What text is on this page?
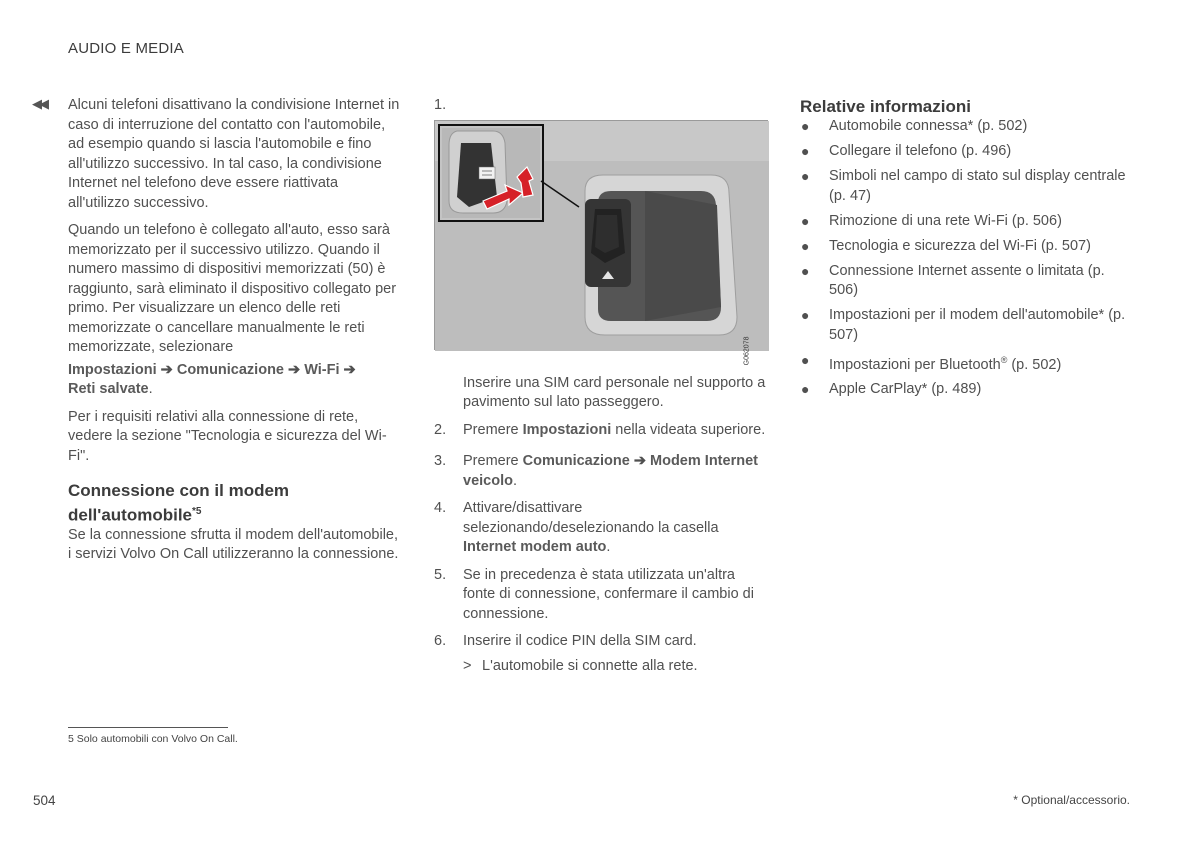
AUDIO E MEDIA
◀◀ Alcuni telefoni disattivano la condivisione Internet in caso di interruzione del contatto con l'automobile, ad esempio quando si lascia l'automobile e fino all'utilizzo successivo. In tal caso, la condivisione Internet nel telefono deve essere riattivata all'utilizzo successivo.

Quando un telefono è collegato all'auto, esso sarà memorizzato per il successivo utilizzo. Quando il numero massimo di dispositivi memorizzati (50) è raggiunto, sarà eliminato il dispositivo collegato per primo. Per visualizzare un elenco delle reti memorizzate o cancellare manualmente le reti memorizzate, selezionare

Impostazioni ➔ Comunicazione ➔ Wi-Fi ➔
Reti salvate.

Per i requisiti relativi alla connessione di rete, vedere la sezione "Tecnologia e sicurezza del Wi-Fi".

Connessione con il modem dell'automobile$^{*5}$

Se la connessione sfrutta il modem dell'automobile, i servizi Volvo On Call utilizzeranno la connessione.

1.
G062078

Inserire una SIM card personale nel supporto a pavimento sul lato passeggero.

2. Premere Impostazioni nella videata superiore.
3. Premere Comunicazione ➔ Modem Internet veicolo.
4. Attivare/disattivare selezionando/deselezionando la casella Internet modem auto.
5. Se in precedenza è stata utilizzata un'altra fonte di connessione, confermare il cambio di connessione.
6. Inserire il codice PIN della SIM card.
> L'automobile si connette alla rete.
Relative informazioni
● Automobile connessa* (p. 502)
● Collegare il telefono (p. 496)
● Simboli nel campo di stato sul display centrale (p. 47)
● Rimozione di una rete Wi-Fi (p. 506)
● Tecnologia e sicurezza del Wi-Fi (p. 507)
● Connessione Internet assente o limitata (p. 506)
● Impostazioni per il modem dell'automobile* (p. 507)
● Impostazioni per Bluetooth® (p. 502)
● Apple CarPlay* (p. 489)
5 Solo automobili con Volvo On Call.
504	* Optional/accessorio.
